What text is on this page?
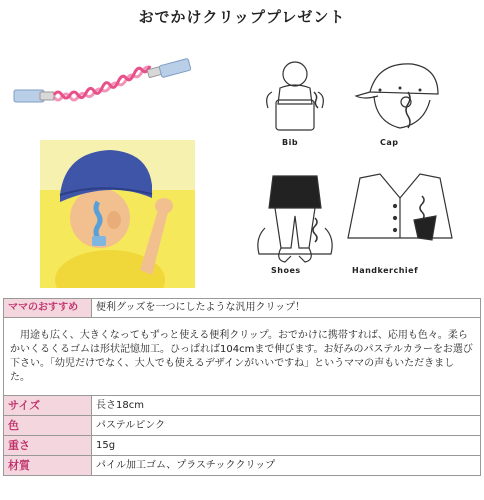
おでかけクリッププレゼント
Bib	Cap
Shoes	Handkerchief
ママのおすすめ	便利グッズを一つにしたような汎用クリップ！
　用途も広く、大きくなってもずっと使える便利クリップ。おでかけに携帯すれば、応用も色々。柔らかいくるくるゴムは形状記憶加工。ひっぱれば104cmまで伸びます。お好みのパステルカラーをお選び下さい。「幼児だけでなく、大人でも使えるデザインがいいですね」というママの声もいただきました。	
サイズ	長さ18cm
色	パステルピンク
重さ	15g
材質	パイル加工ゴム、プラスチッククリップ
